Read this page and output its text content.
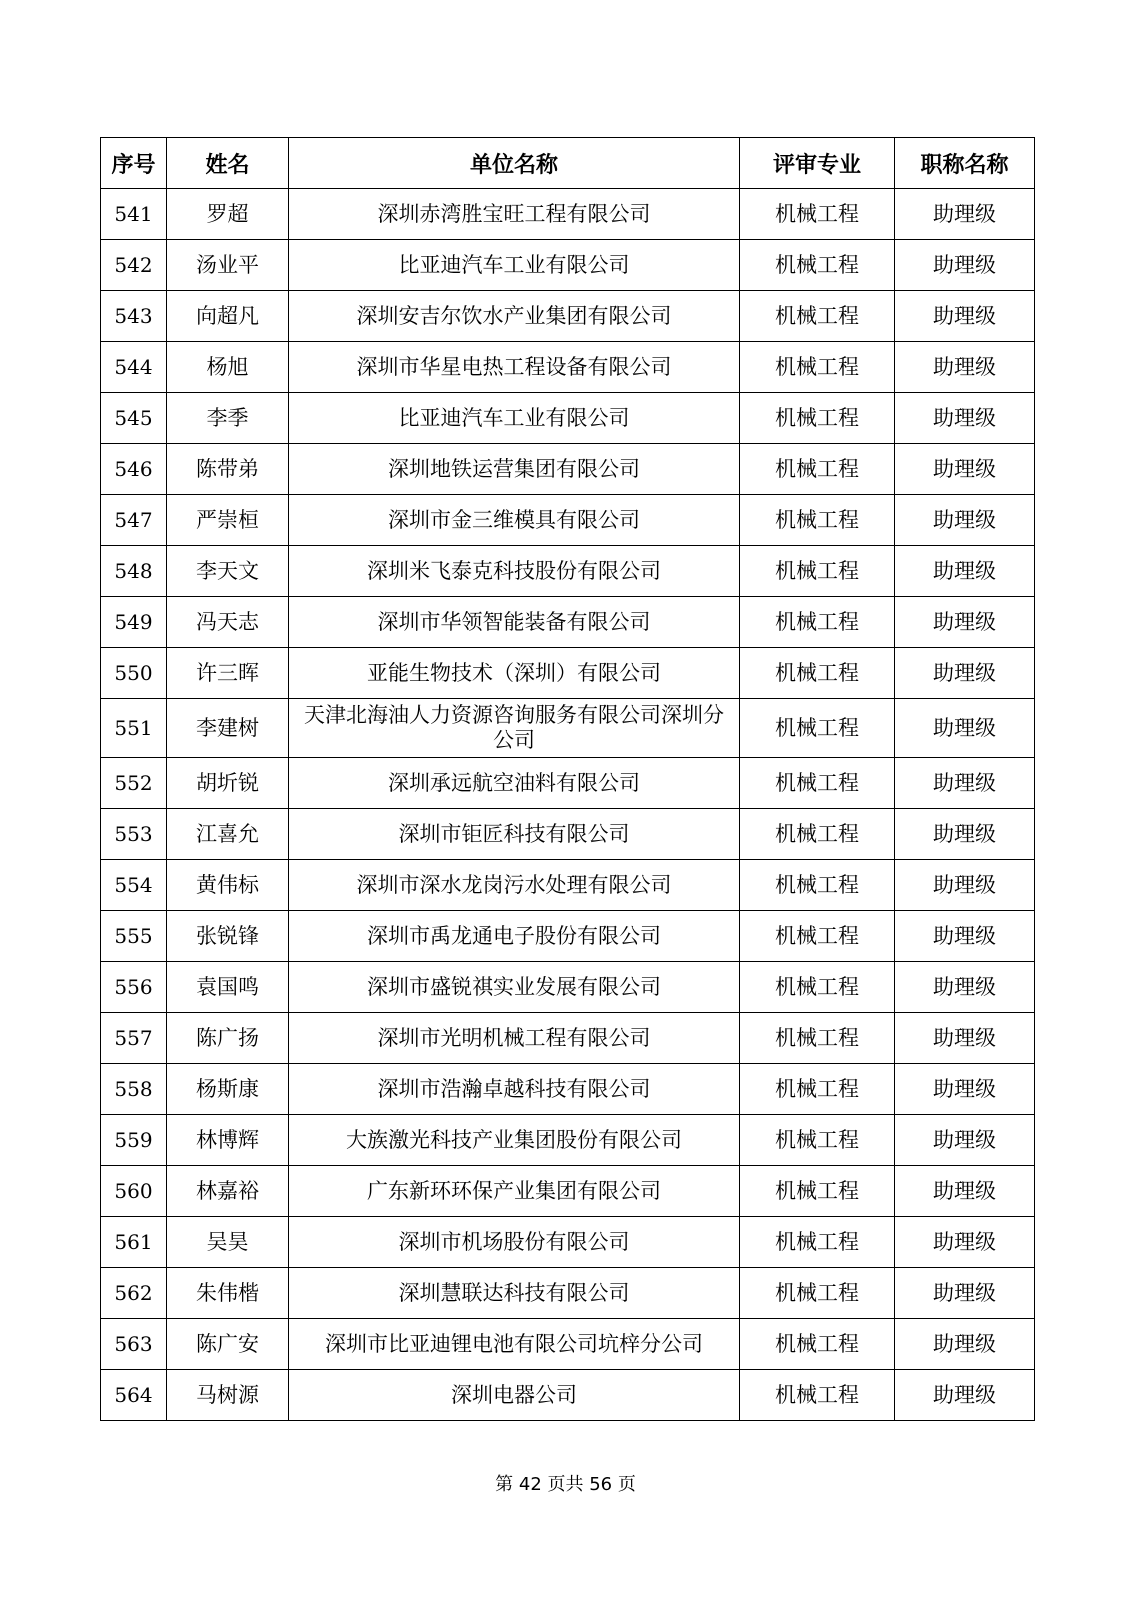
序号	姓名	单位名称	评审专业	职称名称
541	罗超	深圳赤湾胜宝旺工程有限公司	机械工程	助理级
542	汤业平	比亚迪汽车工业有限公司	机械工程	助理级
543	向超凡	深圳安吉尔饮水产业集团有限公司	机械工程	助理级
544	杨旭	深圳市华星电热工程设备有限公司	机械工程	助理级
545	李季	比亚迪汽车工业有限公司	机械工程	助理级
546	陈带弟	深圳地铁运营集团有限公司	机械工程	助理级
547	严崇桓	深圳市金三维模具有限公司	机械工程	助理级
548	李天文	深圳米飞泰克科技股份有限公司	机械工程	助理级
549	冯天志	深圳市华领智能装备有限公司	机械工程	助理级
550	许三晖	亚能生物技术（深圳）有限公司	机械工程	助理级
551	李建树	天津北海油人力资源咨询服务有限公司深圳分公司	机械工程	助理级
552	胡圻锐	深圳承远航空油料有限公司	机械工程	助理级
553	江喜允	深圳市钜匠科技有限公司	机械工程	助理级
554	黄伟标	深圳市深水龙岗污水处理有限公司	机械工程	助理级
555	张锐锋	深圳市禹龙通电子股份有限公司	机械工程	助理级
556	袁国鸣	深圳市盛锐祺实业发展有限公司	机械工程	助理级
557	陈广扬	深圳市光明机械工程有限公司	机械工程	助理级
558	杨斯康	深圳市浩瀚卓越科技有限公司	机械工程	助理级
559	林博辉	大族激光科技产业集团股份有限公司	机械工程	助理级
560	林嘉裕	广东新环环保产业集团有限公司	机械工程	助理级
561	吴昊	深圳市机场股份有限公司	机械工程	助理级
562	朱伟楷	深圳慧联达科技有限公司	机械工程	助理级
563	陈广安	深圳市比亚迪锂电池有限公司坑梓分公司	机械工程	助理级
564	马树源	深圳电器公司	机械工程	助理级
第 42 页共 56 页
